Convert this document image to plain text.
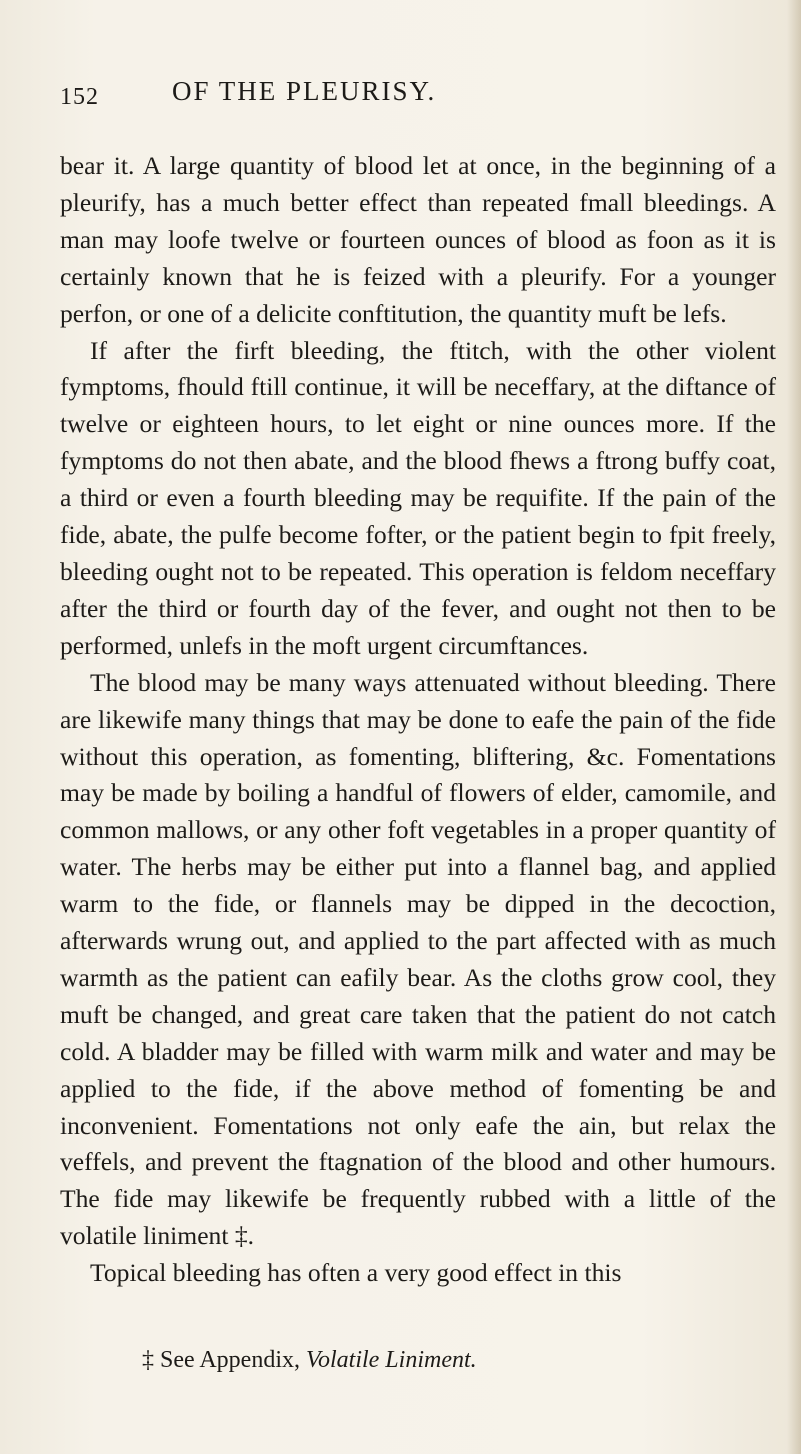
152	OF THE PLEURISY.

bear it. A large quantity of blood let at once, in the beginning of a pleurify, has a much better effect than repeated fmall bleedings. A man may loofe twelve or fourteen ounces of blood as foon as it is certainly known that he is feized with a pleurify. For a younger perfon, or one of a delicite conftitution, the quantity muft be lefs.

If after the firft bleeding, the ftitch, with the other violent fymptoms, fhould ftill continue, it will be neceffary, at the diftance of twelve or eighteen hours, to let eight or nine ounces more. If the fymptoms do not then abate, and the blood fhews a ftrong buffy coat, a third or even a fourth bleeding may be requifite. If the pain of the fide, abate, the pulfe become fofter, or the patient begin to fpit freely, bleeding ought not to be repeated. This operation is feldom neceffary after the third or fourth day of the fever, and ought not then to be performed, unlefs in the moft urgent circumftances.

The blood may be many ways attenuated without bleeding. There are likewife many things that may be done to eafe the pain of the fide without this operation, as fomenting, bliftering, &c. Fomentations may be made by boiling a handful of flowers of elder, camomile, and common mallows, or any other foft vegetables in a proper quantity of water. The herbs may be either put into a flannel bag, and applied warm to the fide, or flannels may be dipped in the decoction, afterwards wrung out, and applied to the part affected with as much warmth as the patient can eafily bear. As the cloths grow cool, they muft be changed, and great care taken that the patient do not catch cold. A bladder may be filled with warm milk and water and may be applied to the fide, if the above method of fomenting be and inconvenient. Fomentations not only eafe the ain, but relax the veffels, and prevent the ftagnation of the blood and other humours. The fide may likewife be frequently rubbed with a little of the volatile liniment ‡.

Topical bleeding has often a very good effect in this

‡ See Appendix, Volatile Liniment.
